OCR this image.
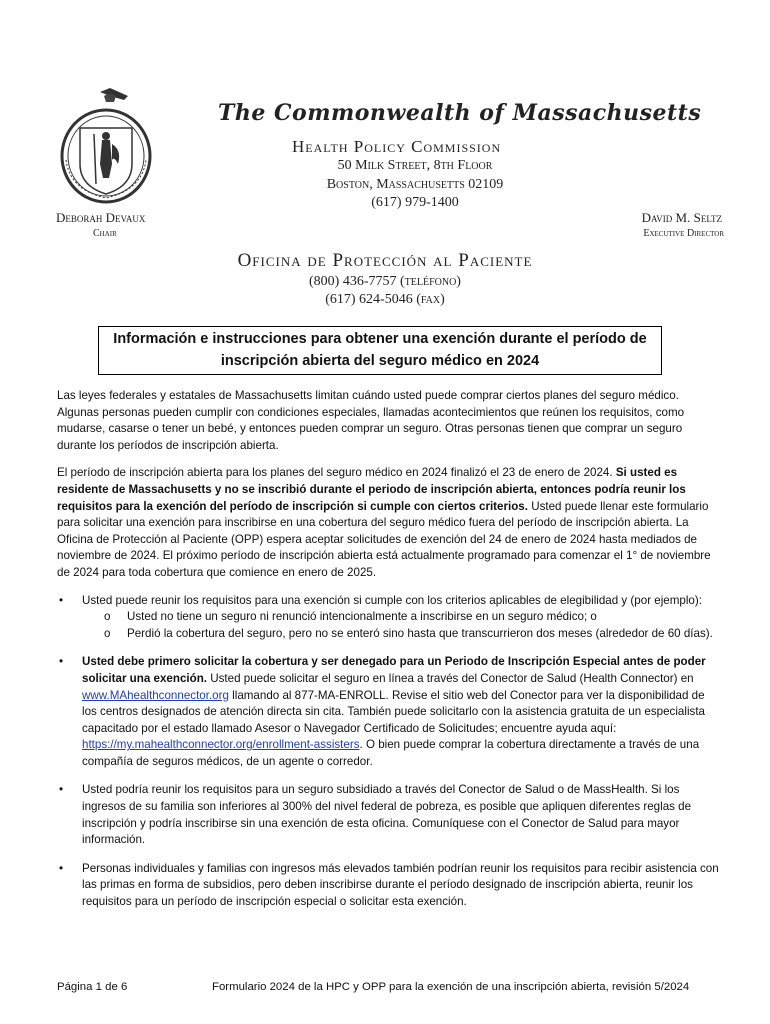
The Commonwealth of Massachusetts
Health Policy Commission
50 Milk Street, 8th Floor
Boston, Massachusetts 02109
(617) 979-1400
Deborah Devaux
Chair
David M. Seltz
Executive Director
Oficina de Protección al Paciente
(800) 436-7757 (teléfono)
(617) 624-5046 (fax)
Información e instrucciones para obtener una exención durante el período de
inscripción abierta del seguro médico en 2024

Las leyes federales y estatales de Massachusetts limitan cuándo usted puede comprar ciertos planes del seguro médico. Algunas personas pueden cumplir con condiciones especiales, llamadas acontecimientos que reúnen los requisitos, como mudarse, casarse o tener un bebé, y entonces pueden comprar un seguro. Otras personas tienen que comprar un seguro durante los períodos de inscripción abierta.

El período de inscripción abierta para los planes del seguro médico en 2024 finalizó el 23 de enero de 2024. Si usted es residente de Massachusetts y no se inscribió durante el periodo de inscripción abierta, entonces podría reunir los requisitos para la exención del período de inscripción si cumple con ciertos criterios. Usted puede llenar este formulario para solicitar una exención para inscribirse en una cobertura del seguro médico fuera del período de inscripción abierta. La Oficina de Protección al Paciente (OPP) espera aceptar solicitudes de exención del 24 de enero de 2024 hasta mediados de noviembre de 2024. El próximo período de inscripción abierta está actualmente programado para comenzar el 1° de noviembre de 2024 para toda cobertura que comience en enero de 2025.

• Usted puede reunir los requisitos para una exención si cumple con los criterios aplicables de elegibilidad y (por ejemplo):
o Usted no tiene un seguro ni renunció intencionalmente a inscribirse en un seguro médico; o
o Perdió la cobertura del seguro, pero no se enteró sino hasta que transcurrieron dos meses (alrededor de 60 días).
• Usted debe primero solicitar la cobertura y ser denegado para un Periodo de Inscripción Especial antes de poder solicitar una exención. Usted puede solicitar el seguro en línea a través del Conector de Salud (Health Connector) en www.MAhealthconnector.org llamando al 877-MA-ENROLL. Revise el sitio web del Conector para ver la disponibilidad de los centros designados de atención directa sin cita. También puede solicitarlo con la asistencia gratuita de un especialista capacitado por el estado llamado Asesor o Navegador Certificado de Solicitudes; encuentre ayuda aquí: https://my.mahealthconnector.org/enrollment-assisters. O bien puede comprar la cobertura directamente a través de una compañía de seguros médicos, de un agente o corredor.
• Usted podría reunir los requisitos para un seguro subsidiado a través del Conector de Salud o de MassHealth. Si los ingresos de su familia son inferiores al 300% del nivel federal de pobreza, es posible que apliquen diferentes reglas de inscripción y podría inscribirse sin una exención de esta oficina. Comuníquese con el Conector de Salud para mayor información.
• Personas individuales y familias con ingresos más elevados también podrían reunir los requisitos para recibir asistencia con las primas en forma de subsidios, pero deben inscribirse durante el período designado de inscripción abierta, reunir los requisitos para un período de inscripción especial o solicitar esta exención.
Página 1 de 6	Formulario 2024 de la HPC y OPP para la exención de una inscripción abierta, revisión 5/2024
